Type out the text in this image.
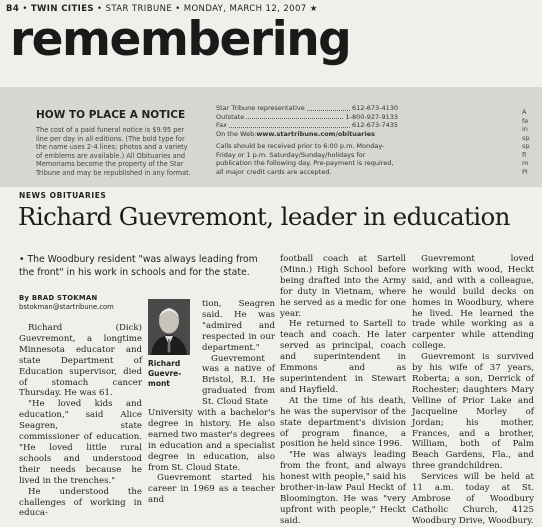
B4 • TWIN CITIES • STAR TRIBUNE • MONDAY, MARCH 12, 2007 ★
remembering
HOW TO PLACE A NOTICE
The cost of a paid funeral notice is $9.95 per line per day in all editions. (The bold type for the name uses 2-4 lines; photos and a variety of emblems are available.) All Obituaries and Memoriams become the property of the Star Tribune and may be republished in any format.
Star Tribune representative	612-673-4130
Outstate	1-800-927-9133
Fax	612-673-7435
On the Web: www.startribune.com/obituaries
Calls should be received prior to 6:00 p.m. Monday-Friday or 1 p.m. Saturday/Sunday/holidays for publication the following day. Pre-payment is required, all major credit cards are accepted.
A
fe
in
sp
sp
fl
m
Pl
NEWS OBITUARIES
Richard Guevremont, leader in education
• The Woodbury resident "was always leading from the front" in his work in schools and for the state.
By BRAD STOKMAN
bstokman@startribune.com

Richard (Dick) Guevremont, a longtime Minnesota educator and state Department of Education supervisor, died of stomach cancer Thursday. He was 61.

"He loved kids and education," said Alice Seagren, state commissioner of education. "He loved little rural schools and understood their needs because he lived in the trenches."

He understood the challenges of working in educa-

Richard Guevre-mont

tion, Seagren said. He was "admired and respected in our department."

Guevremont was a native of Bristol, R.I. He graduated from St. Cloud State

University with a bachelor's degree in history. He also earned two master's degrees in education and a specialist degree in education, also from St. Cloud State.

Guevremont started his career in 1969 as a teacher and

football coach at Sartell (Minn.) High School before being drafted into the Army for duty in Vietnam, where he served as a medic for one year.

He returned to Sartell to teach and coach. He later served as principal, coach and superintendent in Emmons and as superintendent in Stewart and Hayfield.

At the time of his death, he was the supervisor of the state department's division of program finance, a position he held since 1996.

"He was always leading from the front, and always honest with people," said his brother-in-law Paul Heckt of Bloomington. He was "very upfront with people," Heckt said.

Guevremont loved working with wood, Heckt said, and with a colleague, he would build decks on homes in Woodbury, where he lived. He learned the trade while working as a carpenter while attending college.

Guevremont is survived by his wife of 37 years, Roberta; a son, Derrick of Rochester; daughters Mary Velline of Prior Lake and Jacqueline Morley of Jordan; his mother, Frances, and a brother, William, both of Palm Beach Gardens, Fla., and three grandchildren.

Services will be held at 11 a.m. today at St. Ambrose of Woodbury Catholic Church, 4125 Woodbury Drive, Woodbury.
